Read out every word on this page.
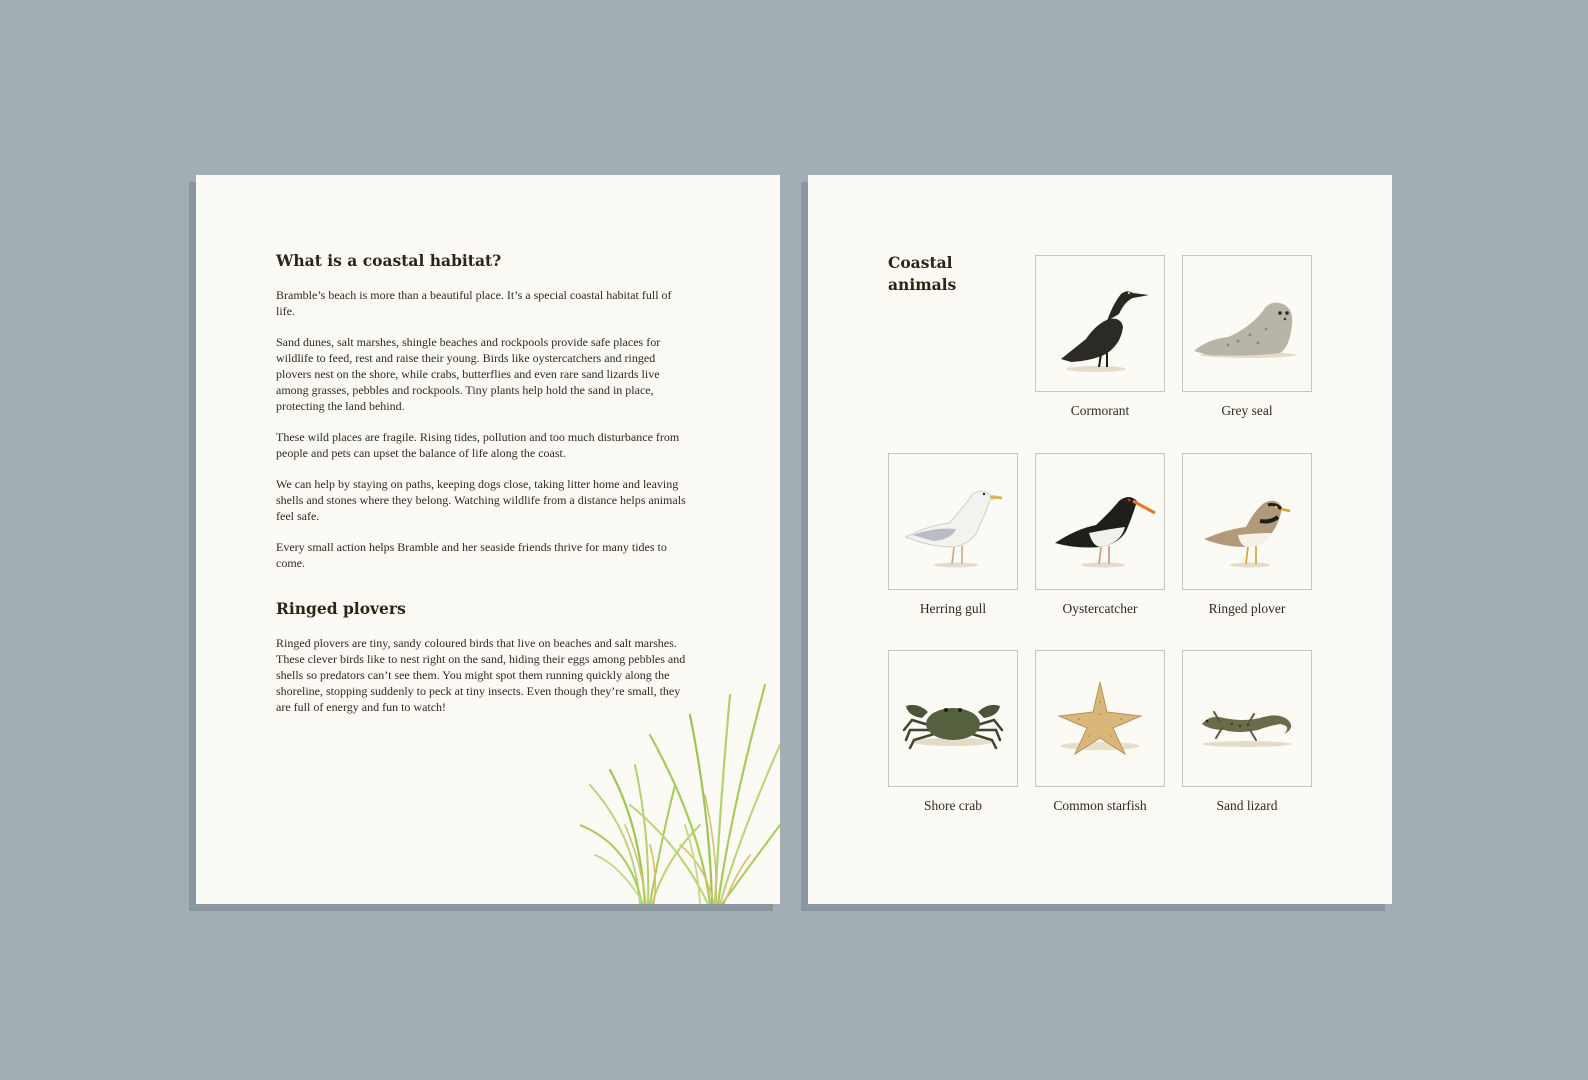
What is a coastal habitat?

Bramble’s beach is more than a beautiful place. It’s a special coastal habitat full of life.

Sand dunes, salt marshes, shingle beaches and rockpools provide safe places for wildlife to feed, rest and raise their young. Birds like oystercatchers and ringed plovers nest on the shore, while crabs, butterflies and even rare sand lizards live among grasses, pebbles and rockpools. Tiny plants help hold the sand in place, protecting the land behind.

These wild places are fragile. Rising tides, pollution and too much disturbance from people and pets can upset the balance of life along the coast.

We can help by staying on paths, keeping dogs close, taking litter home and leaving shells and stones where they belong. Watching wildlife from a distance helps animals feel safe.

Every small action helps Bramble and her seaside friends thrive for many tides to come.

Ringed plovers

Ringed plovers are tiny, sandy coloured birds that live on beaches and salt marshes. These clever birds like to nest right on the sand, hiding their eggs among pebbles and shells so predators can’t see them. You might spot them running quickly along the shoreline, stopping suddenly to peck at tiny insects. Even though they’re small, they are full of energy and fun to watch!

Coastal
animals
Cormorant	Grey seal
Herring gull	Oystercatcher	Ringed plover
Shore crab	Common starfish	Sand lizard
